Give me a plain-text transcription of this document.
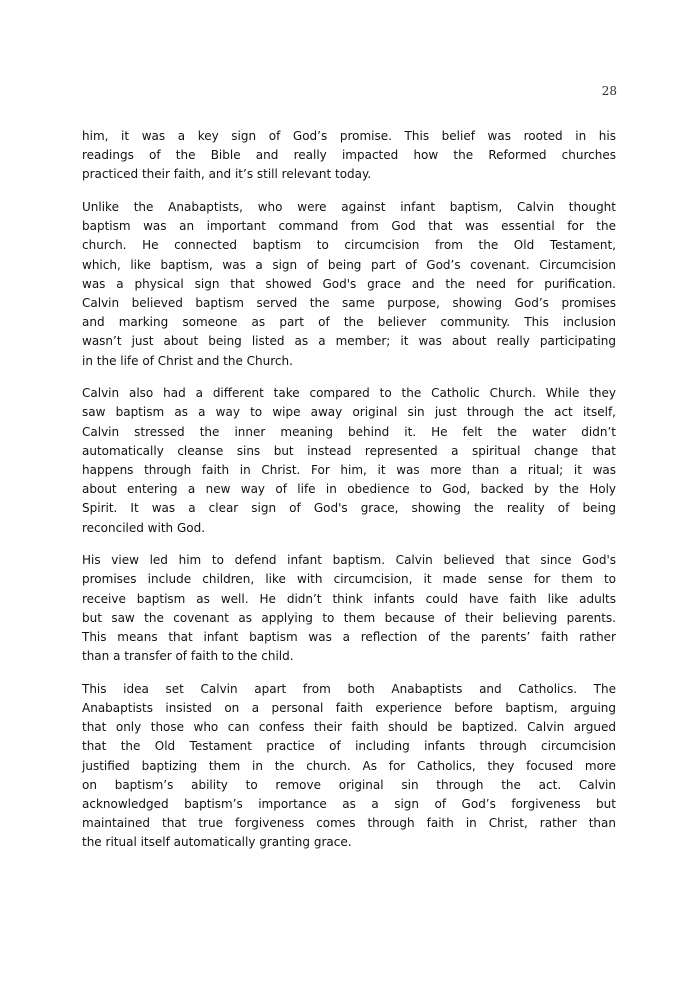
28
him, it was a key sign of God’s promise. This belief was rooted in his
readings of the Bible and really impacted how the Reformed churches
practiced their faith, and it’s still relevant today.
Unlike the Anabaptists, who were against infant baptism, Calvin thought
baptism was an important command from God that was essential for the
church. He connected baptism to circumcision from the Old Testament,
which, like baptism, was a sign of being part of God’s covenant. Circumcision
was a physical sign that showed God's grace and the need for purification.
Calvin believed baptism served the same purpose, showing God’s promises
and marking someone as part of the believer community. This inclusion
wasn’t just about being listed as a member; it was about really participating
in the life of Christ and the Church.
Calvin also had a different take compared to the Catholic Church. While they
saw baptism as a way to wipe away original sin just through the act itself,
Calvin stressed the inner meaning behind it. He felt the water didn’t
automatically cleanse sins but instead represented a spiritual change that
happens through faith in Christ. For him, it was more than a ritual; it was
about entering a new way of life in obedience to God, backed by the Holy
Spirit. It was a clear sign of God's grace, showing the reality of being
reconciled with God.
His view led him to defend infant baptism. Calvin believed that since God's
promises include children, like with circumcision, it made sense for them to
receive baptism as well. He didn’t think infants could have faith like adults
but saw the covenant as applying to them because of their believing parents.
This means that infant baptism was a reflection of the parents’ faith rather
than a transfer of faith to the child.
This idea set Calvin apart from both Anabaptists and Catholics. The
Anabaptists insisted on a personal faith experience before baptism, arguing
that only those who can confess their faith should be baptized. Calvin argued
that the Old Testament practice of including infants through circumcision
justified baptizing them in the church. As for Catholics, they focused more
on baptism’s ability to remove original sin through the act. Calvin
acknowledged baptism’s importance as a sign of God’s forgiveness but
maintained that true forgiveness comes through faith in Christ, rather than
the ritual itself automatically granting grace.
